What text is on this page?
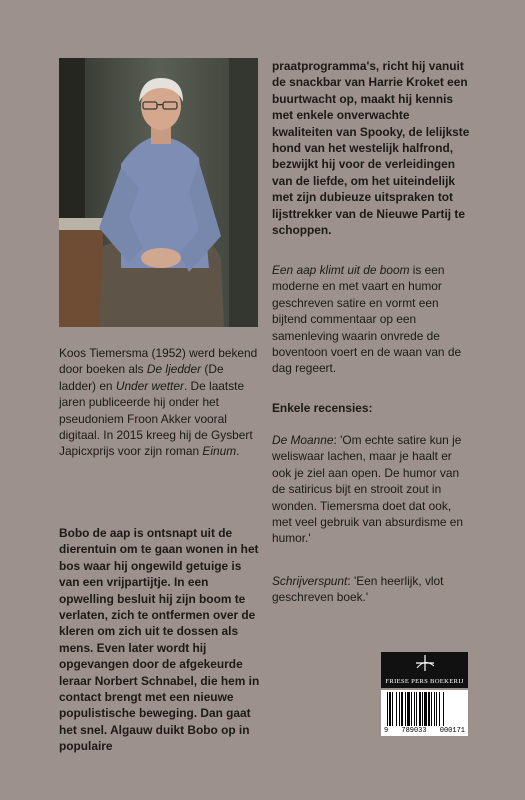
Koos Tiemersma (1952) werd bekend door boeken als De ljedder (De ladder) en Under wetter. De laatste jaren publiceerde hij onder het pseudoniem Froon Akker vooral digitaal. In 2015 kreeg hij de Gysbert Japicxprijs voor zijn roman Einum.

Bobo de aap is ontsnapt uit de dierentuin om te gaan wonen in het bos waar hij ongewild getuige is van een vrijpartijtje. In een opwelling besluit hij zijn boom te verlaten, zich te ontfermen over de kleren om zich uit te dossen als mens. Even later wordt hij opgevangen door de afgekeurde leraar Norbert Schnabel, die hem in contact brengt met een nieuwe populistische beweging. Dan gaat het snel. Algauw duikt Bobo op in populaire

praatprogramma's, richt hij vanuit de snackbar van Harrie Kroket een buurtwacht op, maakt hij kennis met enkele onverwachte kwaliteiten van Spooky, de lelijkste hond van het westelijk halfrond, bezwijkt hij voor de verleidingen van de liefde, om het uiteindelijk met zijn dubieuze uitspraken tot lijsttrekker van de Nieuwe Partij te schoppen.

Een aap klimt uit de boom is een moderne en met vaart en humor geschreven satire en vormt een bijtend commentaar op een samenleving waarin onvrede de boventoon voert en de waan van de dag regeert.

Enkele recensies:

De Moanne: 'Om echte satire kun je weliswaar lachen, maar je haalt er ook je ziel aan open. De humor van de satiricus bijt en strooit zout in wonden. Tiemersma doet dat ook, met veel gebruik van absurdisme en humor.'

Schrijverspunt: 'Een heerlijk, vlot geschreven boek.'

FRIESE PERS BOEKERIJ
9 789033 000171
